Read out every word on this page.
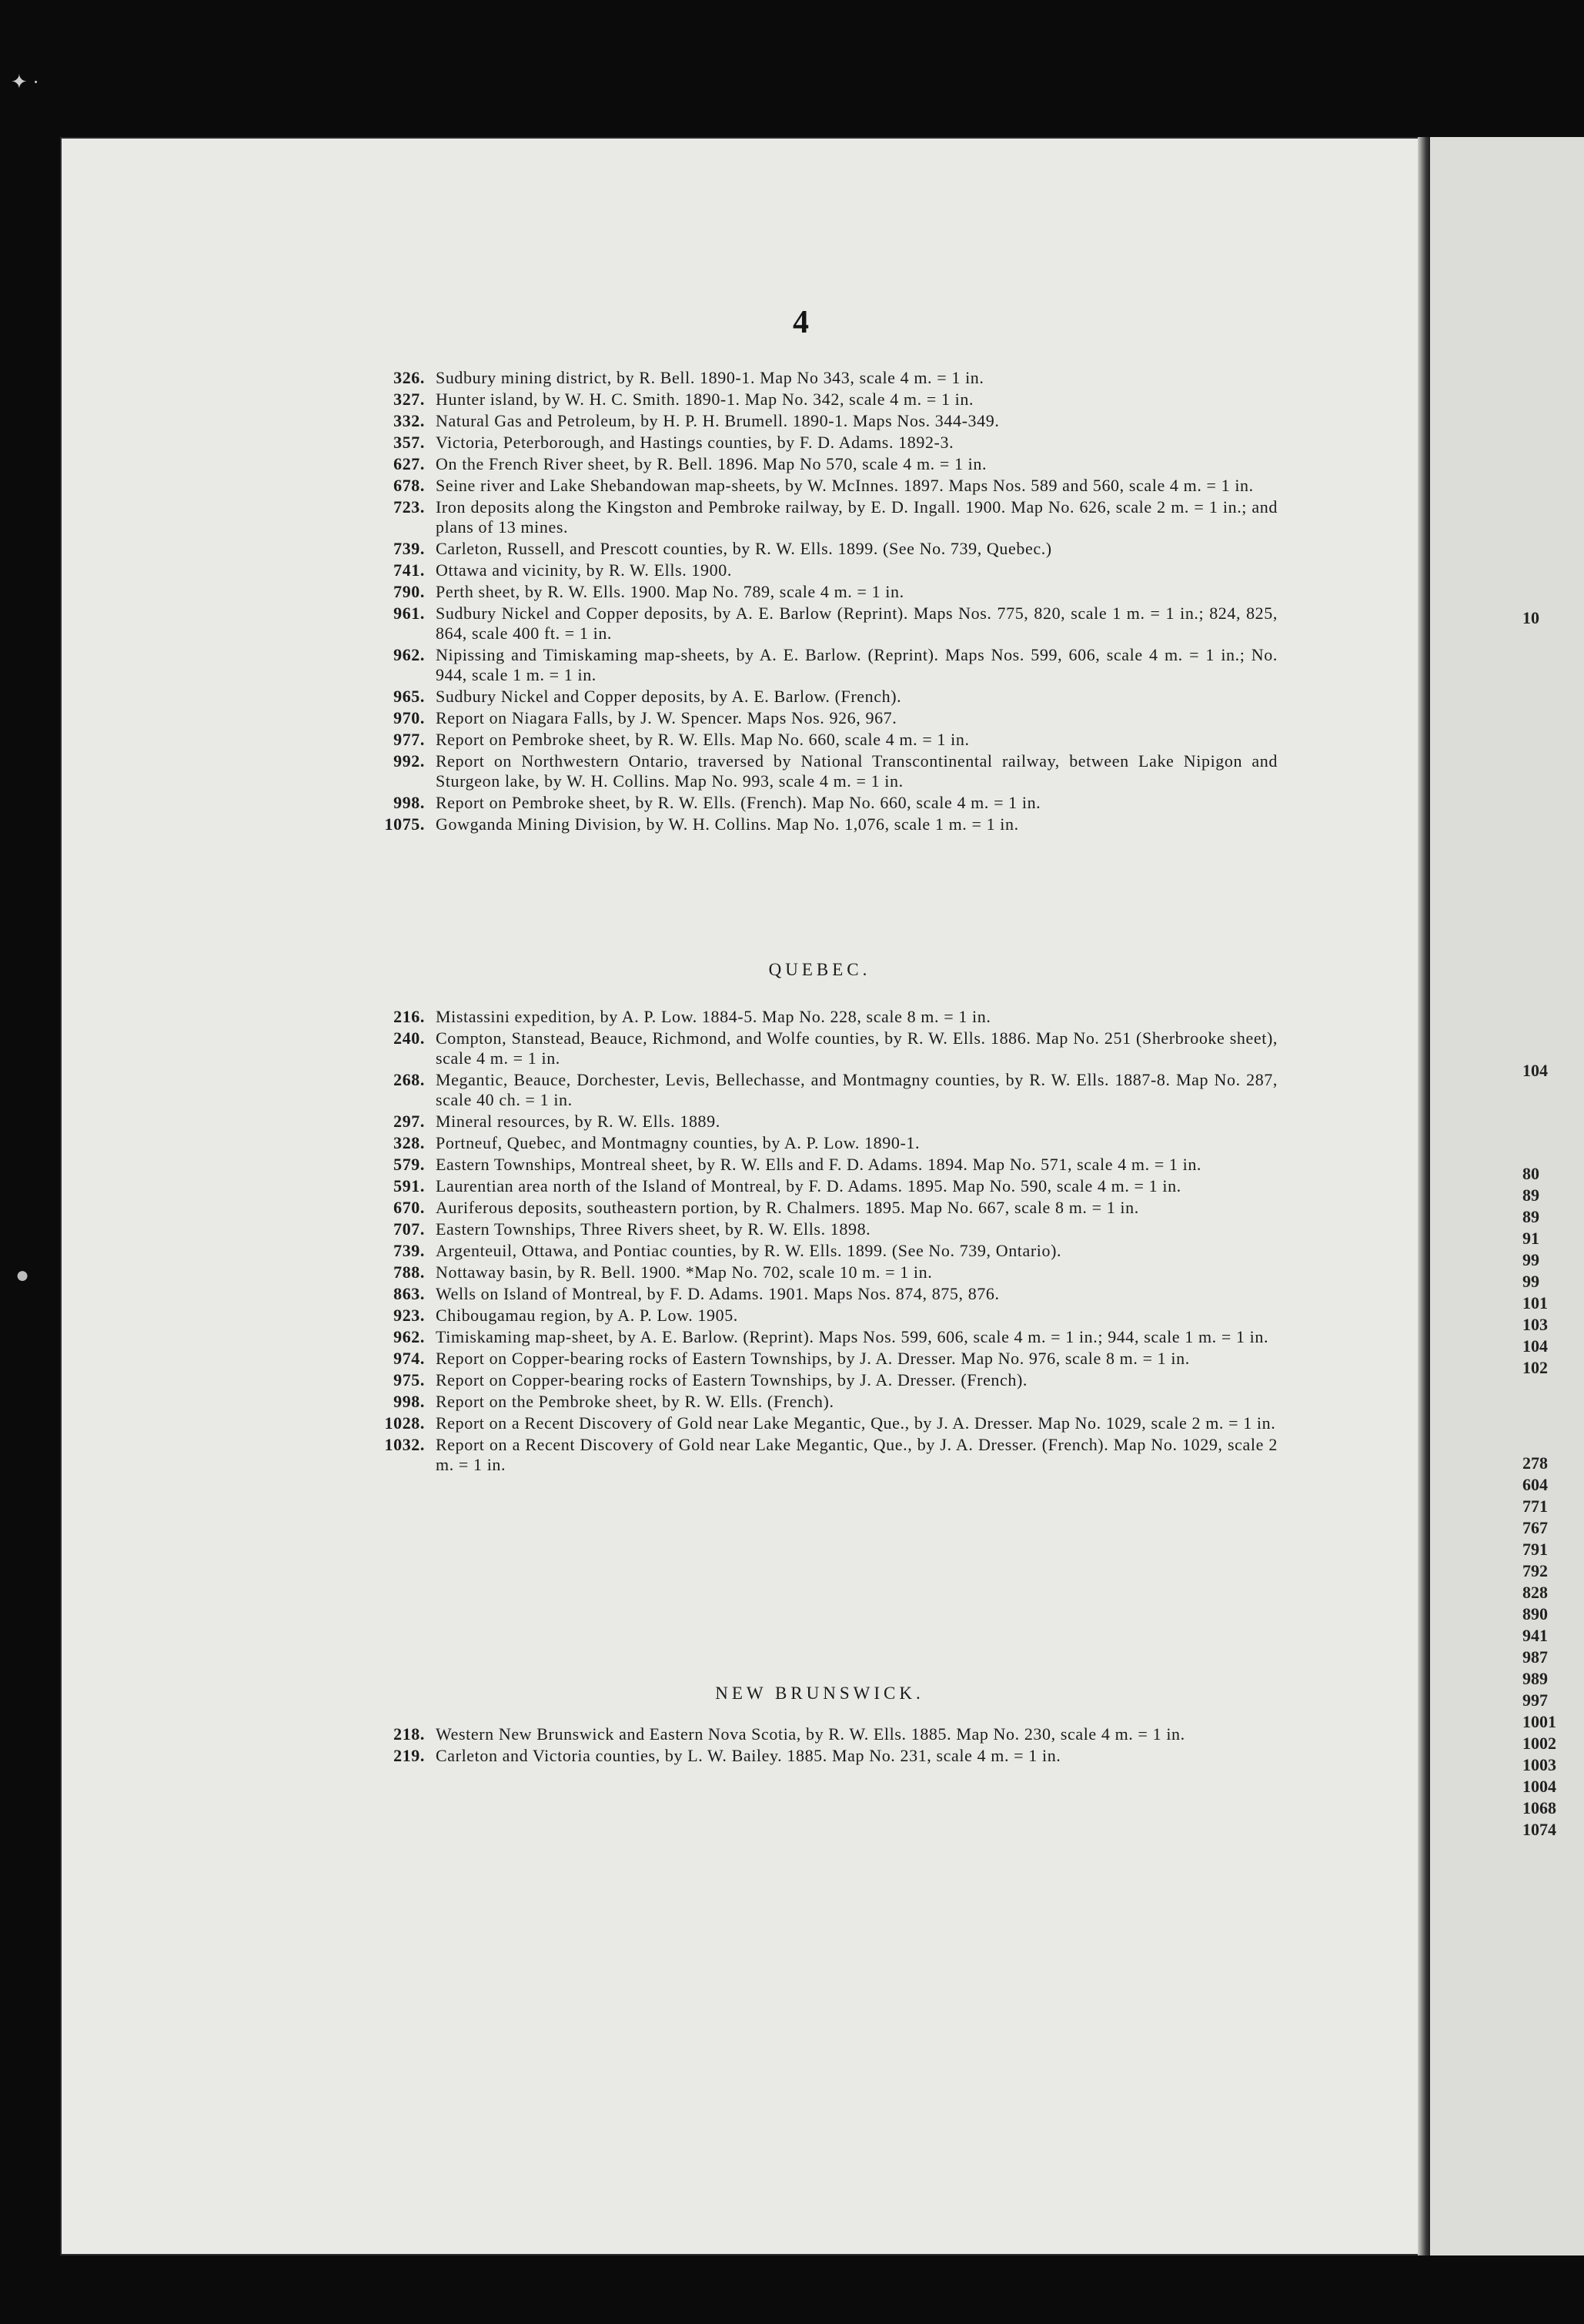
✦ ·
●
4
326. Sudbury mining district, by R. Bell. 1890-1. Map No 343, scale 4 m. = 1 in.
327. Hunter island, by W. H. C. Smith. 1890-1. Map No. 342, scale 4 m. = 1 in.
332. Natural Gas and Petroleum, by H. P. H. Brumell. 1890-1. Maps Nos. 344-349.
357. Victoria, Peterborough, and Hastings counties, by F. D. Adams. 1892-3.
627. On the French River sheet, by R. Bell. 1896. Map No 570, scale 4 m. = 1 in.
678. Seine river and Lake Shebandowan map-sheets, by W. McInnes. 1897. Maps Nos. 589 and 560, scale 4 m. = 1 in.
723. Iron deposits along the Kingston and Pembroke railway, by E. D. Ingall. 1900. Map No. 626, scale 2 m. = 1 in.; and plans of 13 mines.
739. Carleton, Russell, and Prescott counties, by R. W. Ells. 1899. (See No. 739, Quebec.)
741. Ottawa and vicinity, by R. W. Ells. 1900.
790. Perth sheet, by R. W. Ells. 1900. Map No. 789, scale 4 m. = 1 in.
961. Sudbury Nickel and Copper deposits, by A. E. Barlow (Reprint). Maps Nos. 775, 820, scale 1 m. = 1 in.; 824, 825, 864, scale 400 ft. = 1 in.
962. Nipissing and Timiskaming map-sheets, by A. E. Barlow. (Reprint). Maps Nos. 599, 606, scale 4 m. = 1 in.; No. 944, scale 1 m. = 1 in.
965. Sudbury Nickel and Copper deposits, by A. E. Barlow. (French).
970. Report on Niagara Falls, by J. W. Spencer. Maps Nos. 926, 967.
977. Report on Pembroke sheet, by R. W. Ells. Map No. 660, scale 4 m. = 1 in.
992. Report on Northwestern Ontario, traversed by National Transcontinental railway, between Lake Nipigon and Sturgeon lake, by W. H. Collins. Map No. 993, scale 4 m. = 1 in.
998. Report on Pembroke sheet, by R. W. Ells. (French). Map No. 660, scale 4 m. = 1 in.
1075. Gowganda Mining Division, by W. H. Collins. Map No. 1,076, scale 1 m. = 1 in.
QUEBEC.
216. Mistassini expedition, by A. P. Low. 1884-5. Map No. 228, scale 8 m. = 1 in.
240. Compton, Stanstead, Beauce, Richmond, and Wolfe counties, by R. W. Ells. 1886. Map No. 251 (Sherbrooke sheet), scale 4 m. = 1 in.
268. Megantic, Beauce, Dorchester, Levis, Bellechasse, and Montmagny counties, by R. W. Ells. 1887-8. Map No. 287, scale 40 ch. = 1 in.
297. Mineral resources, by R. W. Ells. 1889.
328. Portneuf, Quebec, and Montmagny counties, by A. P. Low. 1890-1.
579. Eastern Townships, Montreal sheet, by R. W. Ells and F. D. Adams. 1894. Map No. 571, scale 4 m. = 1 in.
591. Laurentian area north of the Island of Montreal, by F. D. Adams. 1895. Map No. 590, scale 4 m. = 1 in.
670. Auriferous deposits, southeastern portion, by R. Chalmers. 1895. Map No. 667, scale 8 m. = 1 in.
707. Eastern Townships, Three Rivers sheet, by R. W. Ells. 1898.
739. Argenteuil, Ottawa, and Pontiac counties, by R. W. Ells. 1899. (See No. 739, Ontario).
788. Nottaway basin, by R. Bell. 1900. *Map No. 702, scale 10 m. = 1 in.
863. Wells on Island of Montreal, by F. D. Adams. 1901. Maps Nos. 874, 875, 876.
923. Chibougamau region, by A. P. Low. 1905.
962. Timiskaming map-sheet, by A. E. Barlow. (Reprint). Maps Nos. 599, 606, scale 4 m. = 1 in.; 944, scale 1 m. = 1 in.
974. Report on Copper-bearing rocks of Eastern Townships, by J. A. Dresser. Map No. 976, scale 8 m. = 1 in.
975. Report on Copper-bearing rocks of Eastern Townships, by J. A. Dresser. (French).
998. Report on the Pembroke sheet, by R. W. Ells. (French).
1028. Report on a Recent Discovery of Gold near Lake Megantic, Que., by J. A. Dresser. Map No. 1029, scale 2 m. = 1 in.
1032. Report on a Recent Discovery of Gold near Lake Megantic, Que., by J. A. Dresser. (French). Map No. 1029, scale 2 m. = 1 in.
NEW BRUNSWICK.
218. Western New Brunswick and Eastern Nova Scotia, by R. W. Ells. 1885. Map No. 230, scale 4 m. = 1 in.
219. Carleton and Victoria counties, by L. W. Bailey. 1885. Map No. 231, scale 4 m. = 1 in.
10
104
80
89
89
91
99
99
101
103
104
102
278
604
771
767
791
792
828
890
941
987
989
997
1001
1002
1003
1004
1068
1074
